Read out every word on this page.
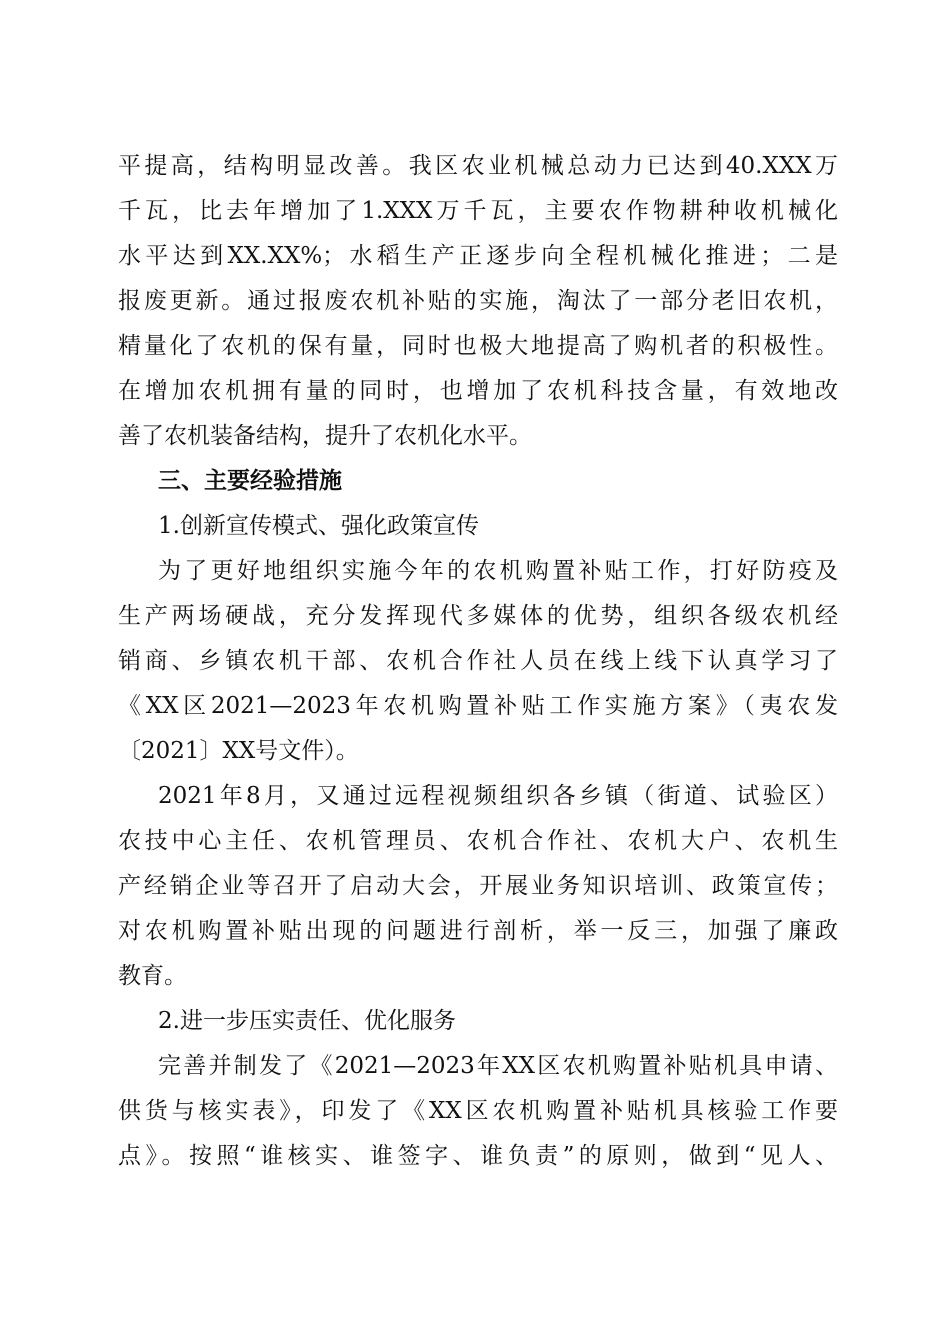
平提高，结构明显改善。我区农业机械总动力已达到40.XXX万
千瓦，比去年增加了1.XXX万千瓦，主要农作物耕种收机械化
水平达到XX.XX%；水稻生产正逐步向全程机械化推进；二是
报废更新。通过报废农机补贴的实施，淘汰了一部分老旧农机，
精量化了农机的保有量，同时也极大地提高了购机者的积极性。
在增加农机拥有量的同时，也增加了农机科技含量，有效地改
善了农机装备结构，提升了农机化水平。
三、主要经验措施
1.创新宣传模式、强化政策宣传
为了更好地组织实施今年的农机购置补贴工作，打好防疫及
生产两场硬战，充分发挥现代多媒体的优势，组织各级农机经
销商、乡镇农机干部、农机合作社人员在线上线下认真学习了
《XX区2021—2023年农机购置补贴工作实施方案》（夷农发
〔2021〕XX号文件）。
2021年8月，又通过远程视频组织各乡镇（街道、试验区）
农技中心主任、农机管理员、农机合作社、农机大户、农机生
产经销企业等召开了启动大会，开展业务知识培训、政策宣传；
对农机购置补贴出现的问题进行剖析，举一反三，加强了廉政
教育。
2.进一步压实责任、优化服务
完善并制发了《2021—2023年XX区农机购置补贴机具申请、
供货与核实表》，印发了《XX区农机购置补贴机具核验工作要
点》。按照“谁核实、谁签字、谁负责”的原则，做到“见人、
